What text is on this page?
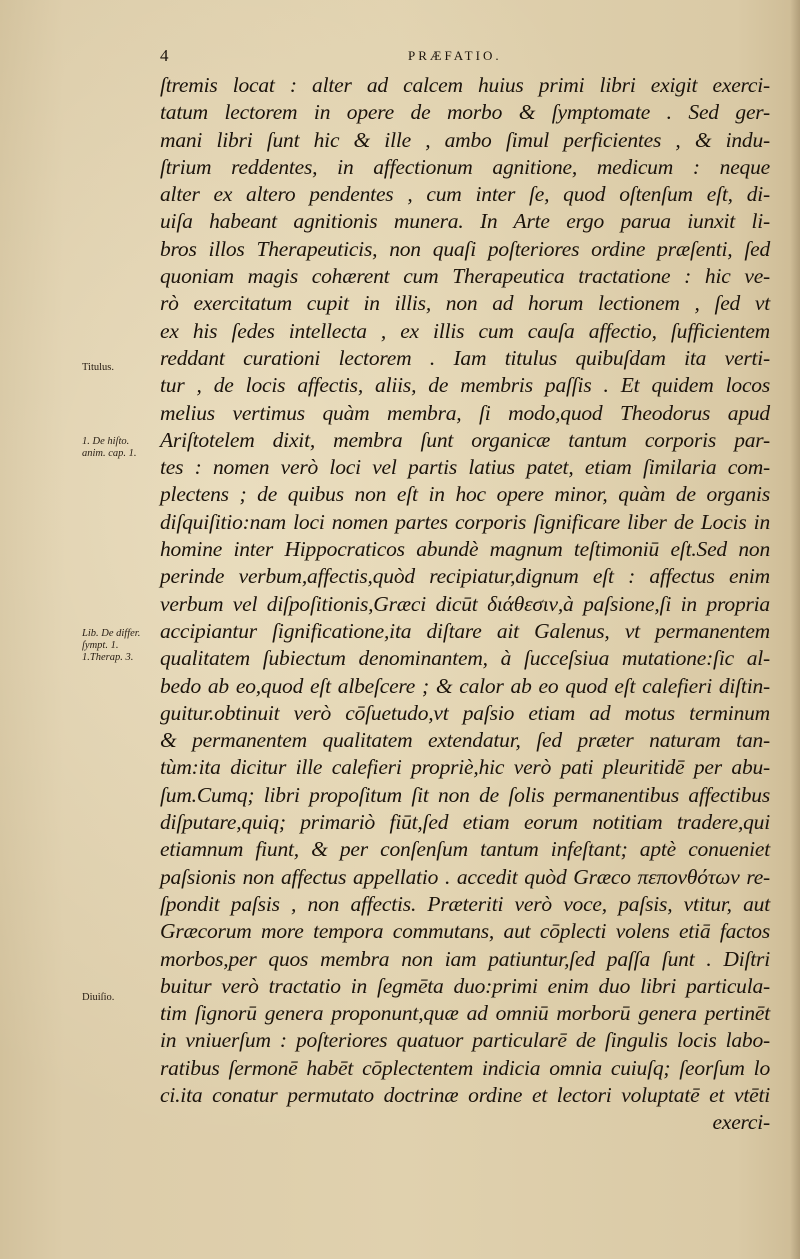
4	PRÆFATIO.
Titulus.
1. De hiſto. anim. cap. 1.
Lib. De differ. ſympt. 1. 1.Therap. 3.
Diuiſio.
ſtremis locat : alter ad calcem huius primi libri exigit exerci-
tatum lectorem in opere de morbo & ſymptomate . Sed ger-
mani libri ſunt hic & ille , ambo ſimul perficientes , & indu-
ſtrium reddentes, in affectionum agnitione, medicum : neque
alter ex altero pendentes , cum inter ſe, quod oſtenſum eſt, di-
uiſa habeant agnitionis munera. In Arte ergo parua iunxit li-
bros illos Therapeuticis, non quaſi poſteriores ordine præſenti, ſed
quoniam magis cohærent cum Therapeutica tractatione : hic ve-
rò exercitatum cupit in illis, non ad horum lectionem , ſed vt
ex his ſedes intellecta , ex illis cum cauſa affectio, ſufficientem
reddant curationi lectorem . Iam titulus quibuſdam ita verti-
tur , de locis affectis, aliis, de membris paſſis . Et quidem locos
melius vertimus quàm membra, ſi modo,quod Theodorus apud
Ariſtotelem dixit, membra ſunt organicæ tantum corporis par-
tes : nomen verò loci vel partis latius patet, etiam ſimilaria com-
plectens ; de quibus non eſt in hoc opere minor, quàm de organis
diſquiſitio:nam loci nomen partes corporis ſignificare liber de Locis in
homine inter Hippocraticos abundè magnum teſtimoniū eſt.Sed non
perinde verbum,affectis,quòd recipiatur,dignum eſt : affectus enim
verbum vel diſpoſitionis,Græci dicūt διάθεσιν,à paſsione,ſi in propria
accipiantur ſignificatione,ita diſtare ait Galenus, vt permanentem
qualitatem ſubiectum denominantem, à ſucceſsiua mutatione:ſic al-
bedo ab eo,quod eſt albeſcere ; & calor ab eo quod eſt calefieri diſtin-
guitur.obtinuit verò cōſuetudo,vt paſsio etiam ad motus terminum
& permanentem qualitatem extendatur, ſed præter naturam tan-
tùm:ita dicitur ille calefieri propriè,hic verò pati pleuritidē per abu-
ſum.Cumq; libri propoſitum ſit non de ſolis permanentibus affectibus
diſputare,quiq; primariò fiūt,ſed etiam eorum notitiam tradere,qui
etiamnum fiunt, & per conſenſum tantum infeſtant; aptè conueniet
paſsionis non affectus appellatio . accedit quòd Græco πεπονθότων re-
ſpondit paſsis , non affectis. Præteriti verò voce, paſsis, vtitur, aut
Græcorum more tempora commutans, aut cōplecti volens etiā factos
morbos,per quos membra non iam patiuntur,ſed paſſa ſunt . Diſtri
buitur verò tractatio in ſegmēta duo:primi enim duo libri particula-
tim ſignorū genera proponunt,quæ ad omniū morborū genera pertinēt
in vniuerſum : poſteriores quatuor particularē de ſingulis locis labo-
ratibus ſermonē habēt cōplectentem indicia omnia cuiuſq; ſeorſum lo
ci.ita conatur permutato doctrinæ ordine et lectori voluptatē et vtēti
exerci-
